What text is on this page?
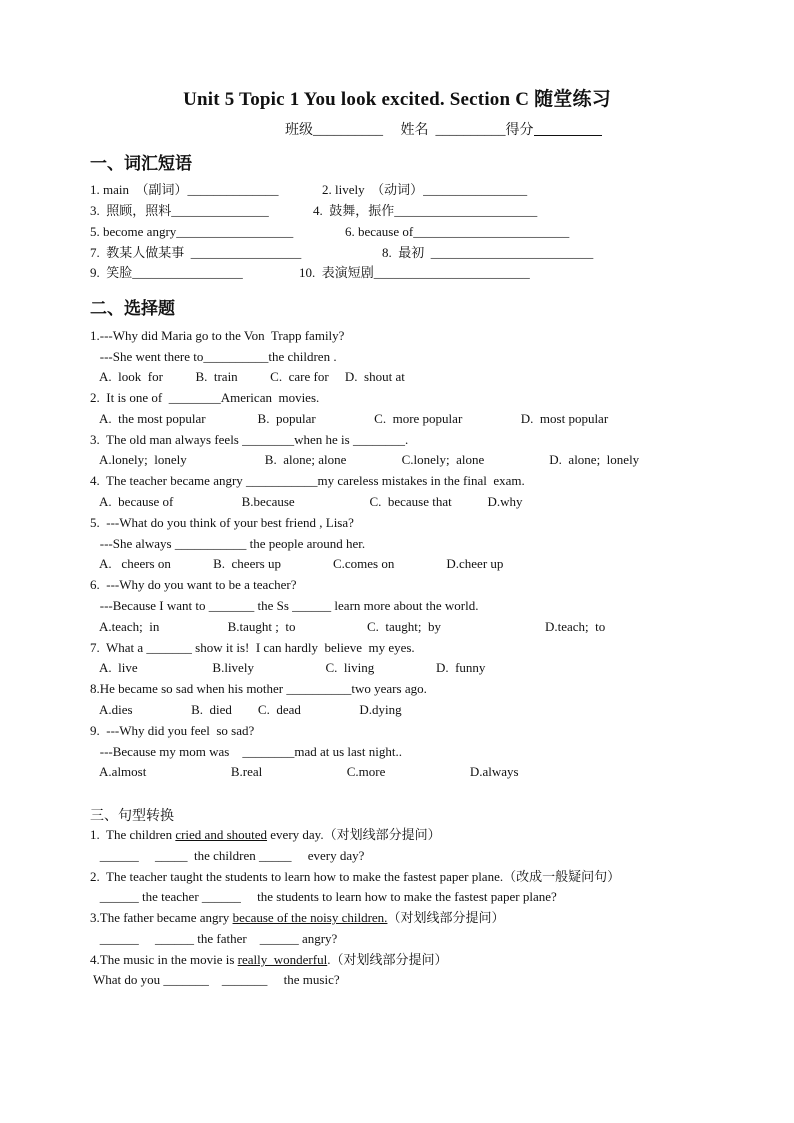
Unit 5 Topic 1 You look excited. Section C 随堂练习
班级__________ 姓名  __________得分
一、词汇短语
1. main  （副词）______________	2. lively  （动词）________________
3.  照顾，照料_______________	4.  鼓舞，振作______________________
5. become angry__________________	6. because of________________________
7.  教某人做某事  _________________	8.  最初  _________________________
9.  笑脸_________________	10.  表演短剧________________________
二、选择题
1.---Why did Maria go to the Von  Trapp family?
---She went there to__________the children .
A.  look  for          B.  train          C.  care for     D.  shout at
2.  It is one of  ________American  movies.
A.  the most popular                B.  popular                  C.  more popular                  D.  most popular
3.  The old man always feels ________when he is ________.
A.lonely;  lonely                        B.  alone; alone                 C.lonely;  alone                    D.  alone;  lonely
4.  The teacher became angry ___________my careless mistakes in the final  exam.
A.  because of                     B.because                       C.  because that           D.why
5.  ---What do you think of your best friend , Lisa?
---She always ___________ the people around her.
A.   cheers on             B.  cheers up                C.comes on                D.cheer up
6.  ---Why do you want to be a teacher?
---Because I want to _______ the Ss ______ learn more about the world.
A.teach;  in                     B.taught ;  to                      C.  taught;  by                                D.teach;  to
7.  What a _______ show it is!  I can hardly  believe  my eyes.
A.  live                       B.lively                      C.  living                   D.  funny
8.He became so sad when his mother __________two years ago.
A.dies                  B.  died        C.  dead                  D.dying
9.  ---Why did you feel  so sad?
---Because my mom was    ________mad at us last night..
A.almost                          B.real                          C.more                          D.always
三、句型转换
1.  The children cried and shouted every day.（对划线部分提问）
______     _____  the children _____     every day?
2.  The teacher taught the students to learn how to make the fastest paper plane.（改成一般疑问句）
______ the teacher ______     the students to learn how to make the fastest paper plane?
3.The father became angry because of the noisy children.（对划线部分提问）
______     ______ the father    ______ angry?
4.The music in the movie is really  wonderful.（对划线部分提问）
What do you _______    _______     the music?
